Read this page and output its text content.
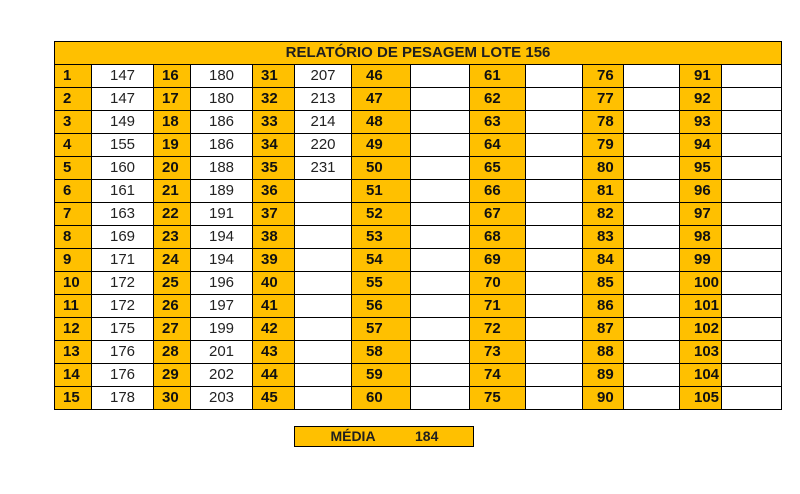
RELATÓRIO DE PESAGEM LOTE 156													
1	147	16	180	31	207	46		61		76		91	
2	147	17	180	32	213	47		62		77		92	
3	149	18	186	33	214	48		63		78		93	
4	155	19	186	34	220	49		64		79		94	
5	160	20	188	35	231	50		65		80		95	
6	161	21	189	36		51		66		81		96	
7	163	22	191	37		52		67		82		97	
8	169	23	194	38		53		68		83		98	
9	171	24	194	39		54		69		84		99	
10	172	25	196	40		55		70		85		100	
11	172	26	197	41		56		71		86		101	
12	175	27	199	42		57		72		87		102	
13	176	28	201	43		58		73		88		103	
14	176	29	202	44		59		74		89		104	
15	178	30	203	45		60		75		90		105	
MÉDIA	184
